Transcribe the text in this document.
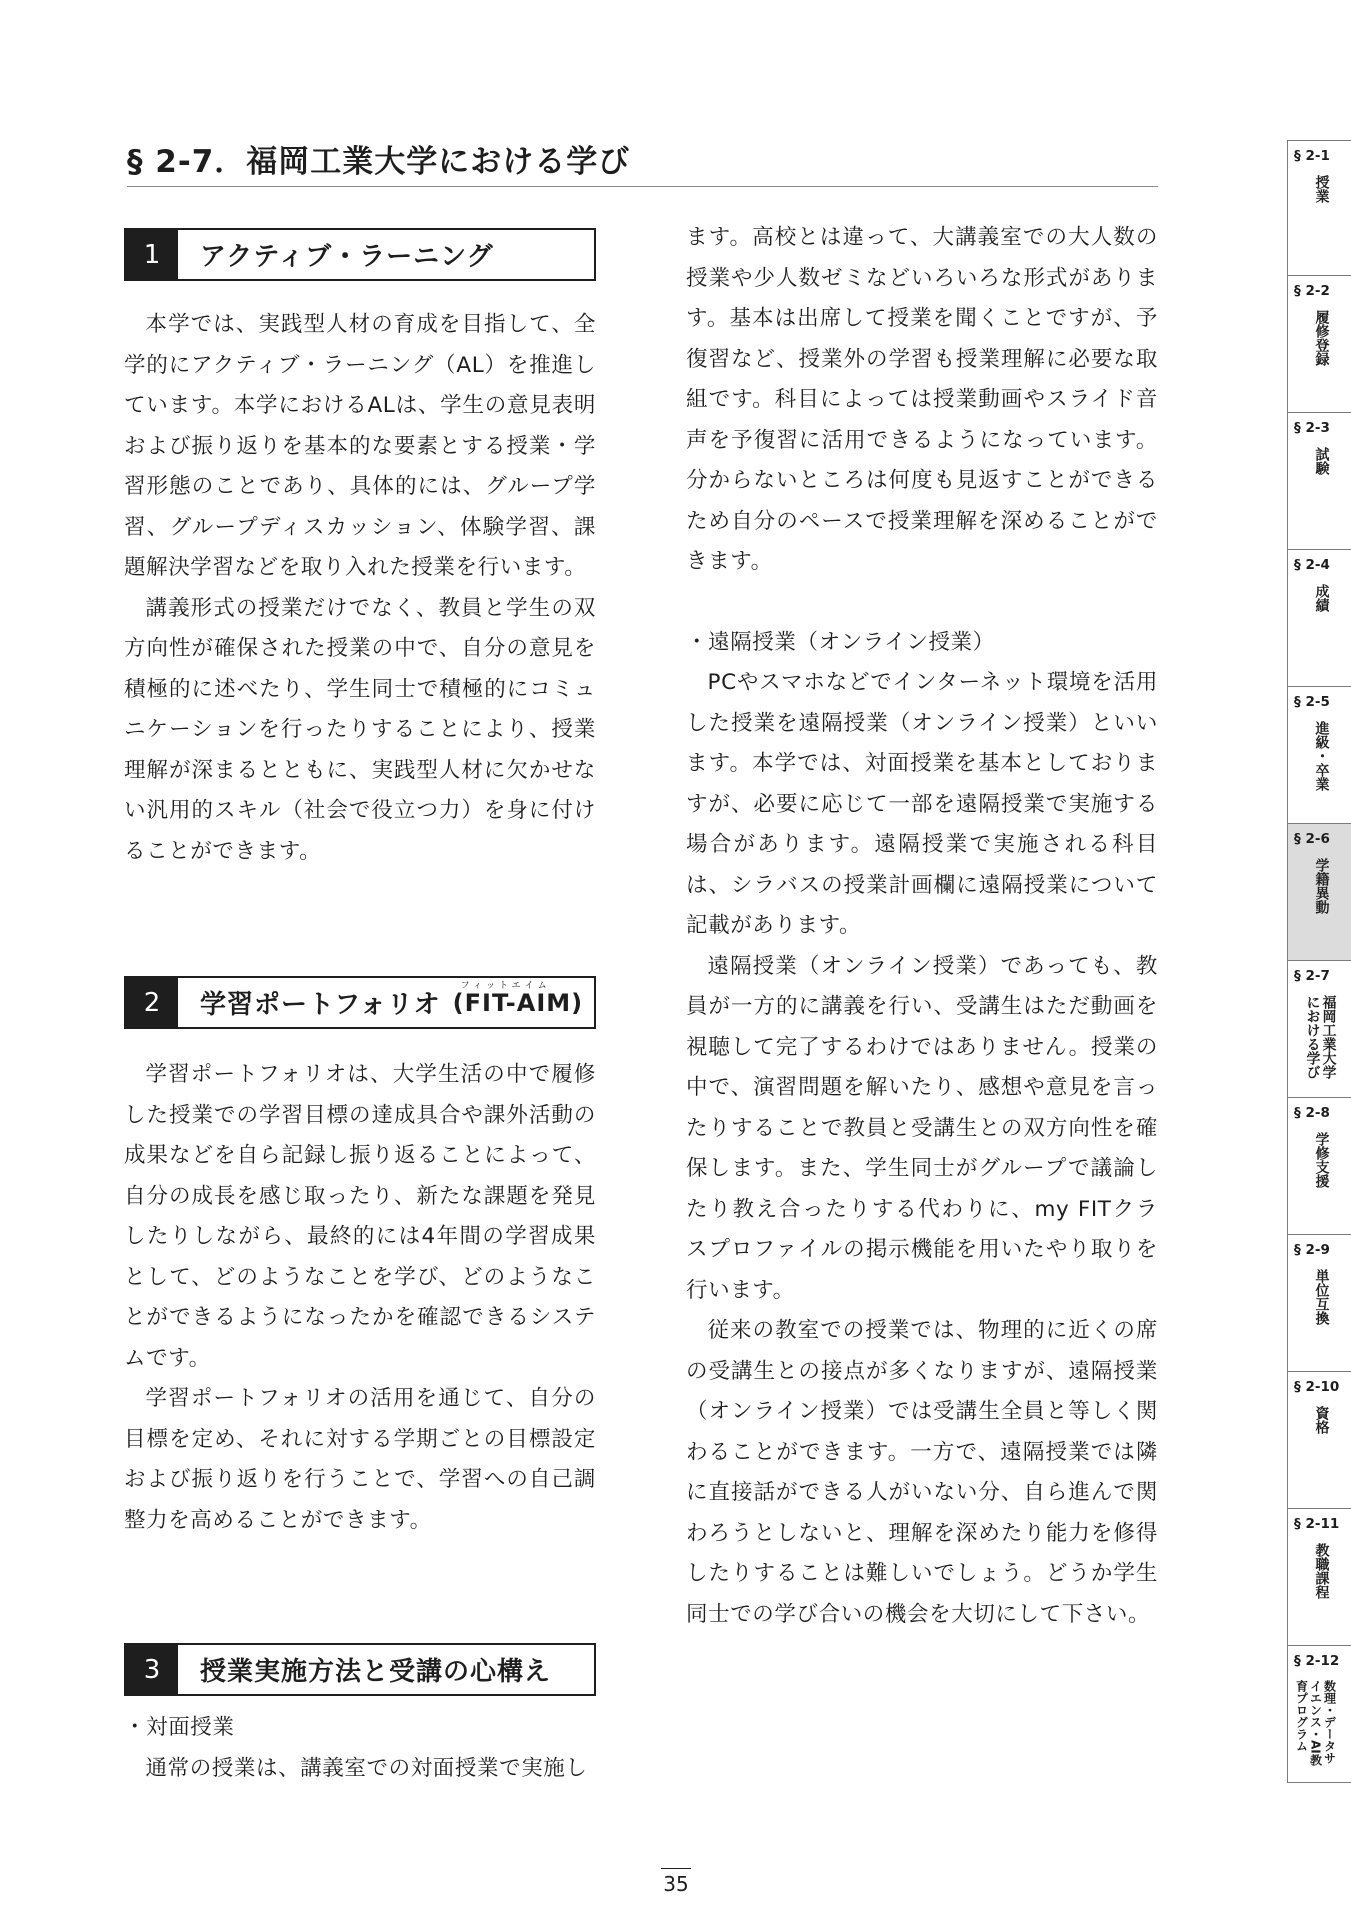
§ 2-7．福岡工業大学における学び
1	アクティブ・ラーニング

本学では、実践型人材の育成を目指して、全学的にアクティブ・ラーニング（AL）を推進しています。本学におけるALは、学生の意見表明および振り返りを基本的な要素とする授業・学習形態のことであり、具体的には、グループ学習、グループディスカッション、体験学習、課題解決学習などを取り入れた授業を行います。

講義形式の授業だけでなく、教員と学生の双方向性が確保された授業の中で、自分の意見を積極的に述べたり、学生同士で積極的にコミュニケーションを行ったりすることにより、授業理解が深まるとともに、実践型人材に欠かせない汎用的スキル（社会で役立つ力）を身に付けることができます。

2	学習ポートフォリオ
フィットエイム
(FIT-AIM)

学習ポートフォリオは、大学生活の中で履修した授業での学習目標の達成具合や課外活動の成果などを自ら記録し振り返ることによって、自分の成長を感じ取ったり、新たな課題を発見したりしながら、最終的には4年間の学習成果として、どのようなことを学び、どのようなことができるようになったかを確認できるシステムです。

学習ポートフォリオの活用を通じて、自分の目標を定め、それに対する学期ごとの目標設定および振り返りを行うことで、学習への自己調整力を高めることができます。

3	授業実施方法と受講の心構え

・対面授業

通常の授業は、講義室での対面授業で実施し

ます。高校とは違って、大講義室での大人数の授業や少人数ゼミなどいろいろな形式があります。基本は出席して授業を聞くことですが、予復習など、授業外の学習も授業理解に必要な取組です。科目によっては授業動画やスライド音声を予復習に活用できるようになっています。分からないところは何度も見返すことができるため自分のペースで授業理解を深めることができます。

・遠隔授業（オンライン授業）

PCやスマホなどでインターネット環境を活用した授業を遠隔授業（オンライン授業）といいます。本学では、対面授業を基本としておりますが、必要に応じて一部を遠隔授業で実施する場合があります。遠隔授業で実施される科目は、シラバスの授業計画欄に遠隔授業について記載があります。

遠隔授業（オンライン授業）であっても、教員が一方的に講義を行い、受講生はただ動画を視聴して完了するわけではありません。授業の中で、演習問題を解いたり、感想や意見を言ったりすることで教員と受講生との双方向性を確保します。また、学生同士がグループで議論したり教え合ったりする代わりに、my FITクラスプロファイルの掲示機能を用いたやり取りを行います。

従来の教室での授業では、物理的に近くの席の受講生との接点が多くなりますが、遠隔授業（オンライン授業）では受講生全員と等しく関わることができます。一方で、遠隔授業では隣に直接話ができる人がいない分、自ら進んで関わろうとしないと、理解を深めたり能力を修得したりすることは難しいでしょう。どうか学生同士での学び合いの機会を大切にして下さい。

§ 2-1
授業
§ 2-2
履修登録
§ 2-3
試験
§ 2-4
成績
§ 2-5
進級・卒業
§ 2-6
学籍異動
§ 2-7
福岡工業大学における学び
§ 2-8
学修支援
§ 2-9
単位互換
§ 2-10
資格
§ 2-11
教職課程
§ 2-12
数理・データサイエンス・AI教育プログラム
35
